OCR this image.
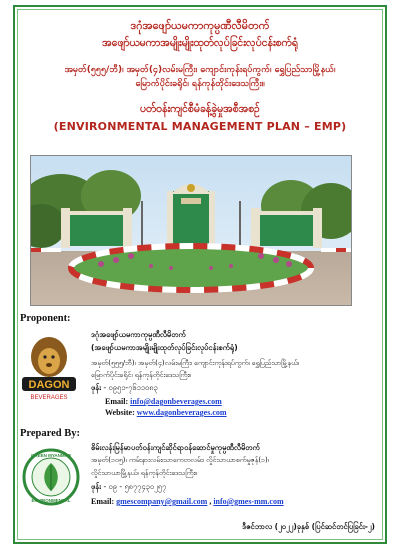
ဒဂုံအဖျော်ယမကာကုမ္ပဏီလီမိတက်
အဖျော်ယမကာအမျိုးမျိုးထုတ်လုပ်ခြင်းလုပ်ငန်းစက်ရုံ
အမှတ်(၅၅၅/ဘီ)၊ အမှတ်(၄)လမ်းမကြီး၊ ကျောင်းကုန်းရပ်ကွက်၊ ရွှေပြည်သာမြို့နယ်၊
မြောက်ပိုင်းခရိုင်၊ ရန်ကုန်တိုင်းဒေသကြီး။
ပတ်ဝန်းကျင်စီမံခန့်ခွဲမှုအစီအစဉ်
(ENVIRONMENTAL MANAGEMENT PLAN – EMP)
Proponent:
DAGON
BEVERAGES
ဒဂုံအဖျော်ယမကာကုမ္ပဏီလီမိတက်
(အဖျော်ယမကာအမျိုးမျိုးထုတ်လုပ်ခြင်းလုပ်ငန်းစက်ရုံ)
အမှတ်(၅၅၅/ဘီ)၊ အမှတ်(၄)လမ်းမကြီး၊ ကျောင်းကုန်းရပ်ကွက်၊ ရွှေပြည်သာမြို့နယ်၊
မြောက်ပိုင်းခရိုင်၊ ရန်ကုန်တိုင်းဒေသကြီး။
ဖုန်း - ၀၉၅၁-၇၆၁၁၀၈၃
Email: info@dagonbeverages.com
Website: www.dagonbeverages.com
Prepared By:
GREEN MYANMAR
ENVIRONMENTAL
စိမ်းလန်းမြန်မာပတ်ဝန်းကျင်ဆိုင်ရာဝန်ဆောင်မှုကုမ္ပဏီလီမိတက်
အမှတ်(၁၀၅)၊ ကမ်းနားလမ်း၊သာကေတလမ်း၊ လှိုင်သာယာစက်မှုဇုန်(၁)၊
လှိုင်သာယာမြို့နယ်၊ ရန်ကုန်တိုင်းဒေသကြီး။
ဖုန်း - ၀၉ - ၅၈၇၇၄၃၀၂၅၇
Email: gmescompany@gmail.com , info@gmes-mm.com
ဒီဇင်ဘာလ (၂၀၂၂)ခုနှစ် (ပြင်ဆင်တင်ပြခြင်း-၂)
